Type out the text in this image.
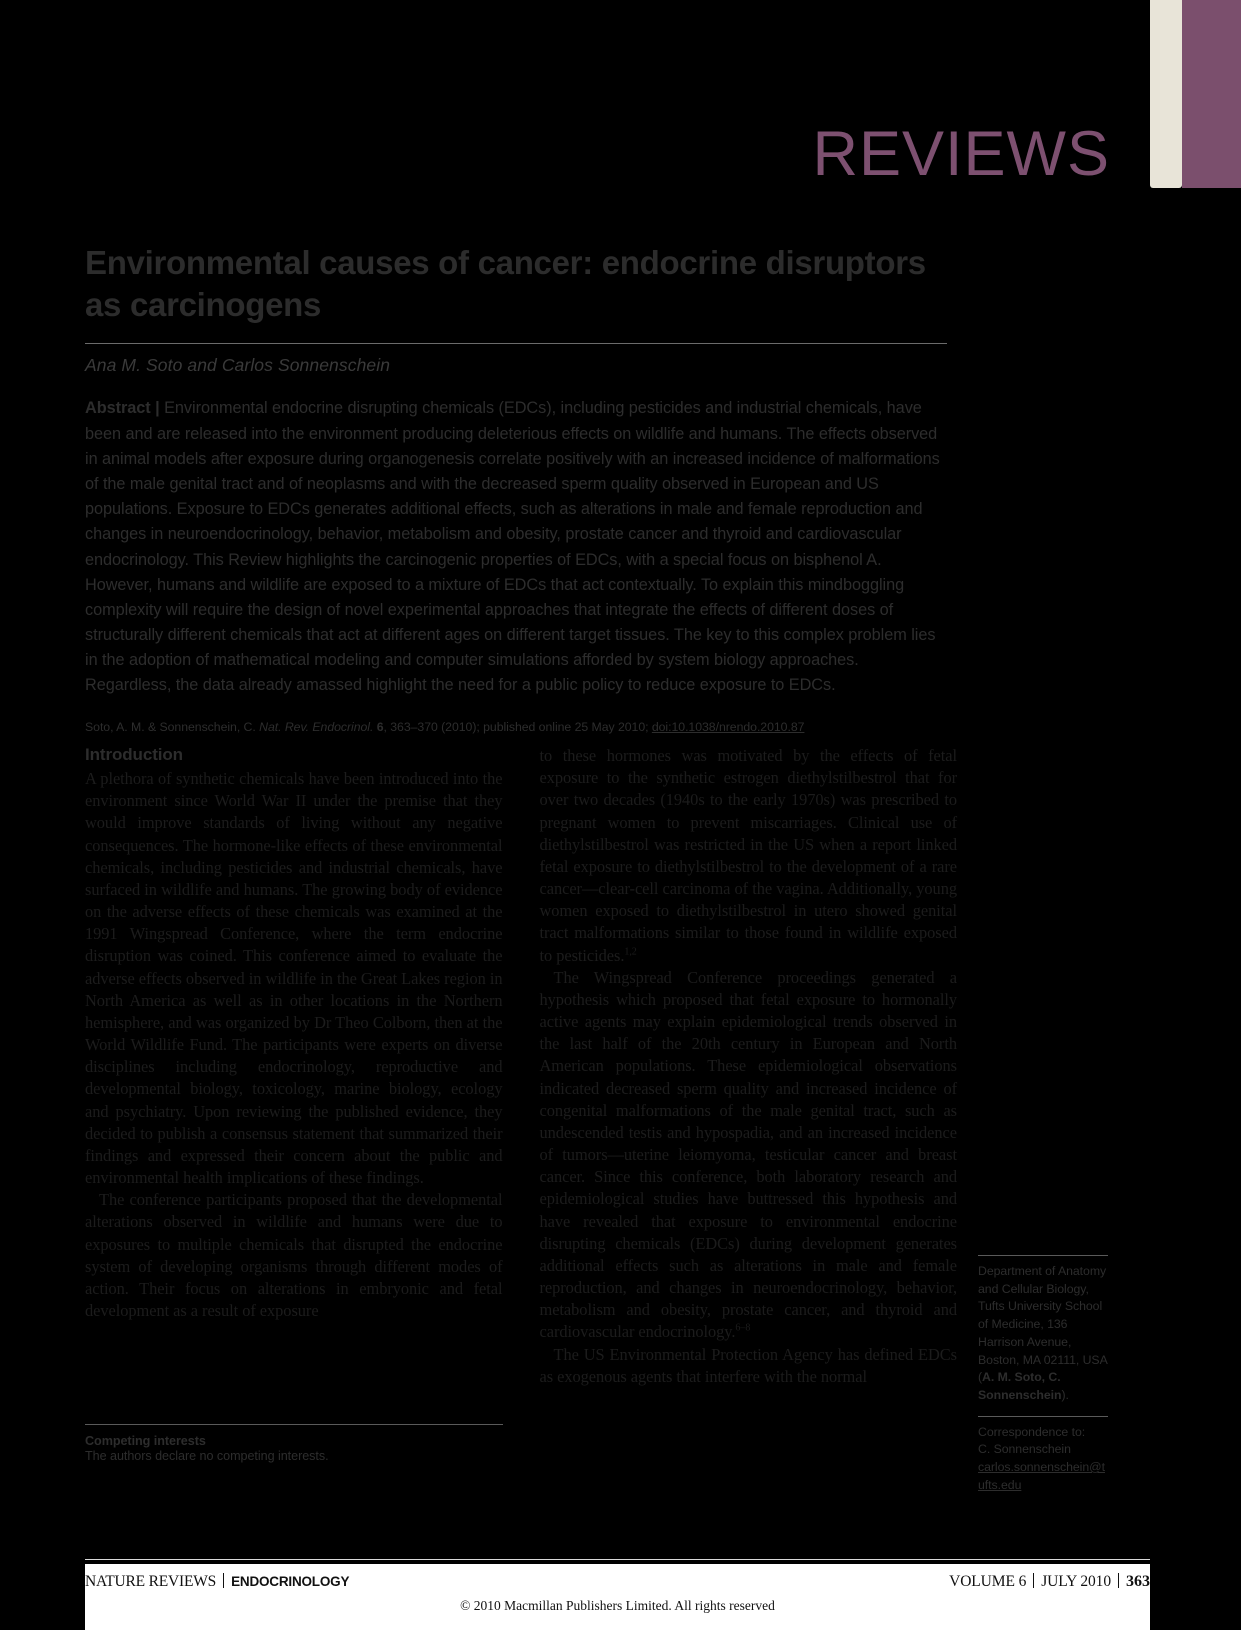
REVIEWS
Environmental causes of cancer: endocrine disruptors as carcinogens
Ana M. Soto and Carlos Sonnenschein
Abstract | Environmental endocrine disrupting chemicals (EDCs), including pesticides and industrial chemicals, have been and are released into the environment producing deleterious effects on wildlife and humans. The effects observed in animal models after exposure during organogenesis correlate positively with an increased incidence of malformations of the male genital tract and of neoplasms and with the decreased sperm quality observed in European and US populations. Exposure to EDCs generates additional effects, such as alterations in male and female reproduction and changes in neuroendocrinology, behavior, metabolism and obesity, prostate cancer and thyroid and cardiovascular endocrinology. This Review highlights the carcinogenic properties of EDCs, with a special focus on bisphenol A. However, humans and wildlife are exposed to a mixture of EDCs that act contextually. To explain this mindboggling complexity will require the design of novel experimental approaches that integrate the effects of different doses of structurally different chemicals that act at different ages on different target tissues. The key to this complex problem lies in the adoption of mathematical modeling and computer simulations afforded by system biology approaches. Regardless, the data already amassed highlight the need for a public policy to reduce exposure to EDCs.
Soto, A. M. & Sonnenschein, C. Nat. Rev. Endocrinol. 6, 363–370 (2010); published online 25 May 2010; doi:10.1038/nrendo.2010.87
Introduction

A plethora of synthetic chemicals have been introduced into the environment since World War II under the premise that they would improve standards of living without any negative consequences. The hormone-like effects of these environmental chemicals, including pesticides and industrial chemicals, have surfaced in wildlife and humans. The growing body of evidence on the adverse effects of these chemicals was examined at the 1991 Wingspread Conference, where the term endocrine disruption was coined. This conference aimed to evaluate the adverse effects observed in wildlife in the Great Lakes region in North America as well as in other locations in the Northern hemisphere, and was organized by Dr Theo Colborn, then at the World Wildlife Fund. The participants were experts on diverse disciplines including endocrinology, reproductive and developmental biology, toxicology, marine biology, ecology and psychiatry. Upon reviewing the published evidence, they decided to publish a consensus statement that summarized their findings and expressed their concern about the public and environmental health implications of these findings.

The conference participants proposed that the developmental alterations observed in wildlife and humans were due to exposures to multiple chemicals that disrupted the endocrine system of developing organisms through different modes of action. Their focus on alterations in embryonic and fetal development as a result of exposure

to these hormones was motivated by the effects of fetal exposure to the synthetic estrogen diethylstilbestrol that for over two decades (1940s to the early 1970s) was prescribed to pregnant women to prevent miscarriages. Clinical use of diethylstilbestrol was restricted in the US when a report linked fetal exposure to diethylstilbestrol to the development of a rare cancer—clear-cell carcinoma of the vagina. Additionally, young women exposed to diethylstilbestrol in utero showed genital tract malformations similar to those found in wildlife exposed to pesticides.$^{1,2}$

The Wingspread Conference proceedings generated a hypothesis which proposed that fetal exposure to hormonally active agents may explain epidemiological trends observed in the last half of the 20th century in European and North American populations. These epidemiological observations indicated decreased sperm quality and increased incidence of congenital malformations of the male genital tract, such as undescended testis and hypospadia, and an increased incidence of tumors—uterine leiomyoma, testicular cancer and breast cancer. Since this conference, both laboratory research and epidemiological studies have buttressed this hypothesis and have revealed that exposure to environmental endocrine disrupting chemicals (EDCs) during development generates additional effects such as alterations in male and female reproduction, and changes in neuroendocrinology, behavior, metabolism and obesity, prostate cancer, and thyroid and cardiovascular endocrinology.$^{6-8}$

The US Environmental Protection Agency has defined EDCs as exogenous agents that interfere with the normal

Competing interests
The authors declare no competing interests.
Department of Anatomy and Cellular Biology, Tufts University School of Medicine, 136 Harrison Avenue, Boston, MA 02111, USA (A. M. Soto, C. Sonnenschein).
Correspondence to:
C. Sonnenschein
carlos.sonnenschein@tufts.edu
NATURE REVIEWS ENDOCRINOLOGY	VOLUME 6 JULY 2010 363
© 2010 Macmillan Publishers Limited. All rights reserved
